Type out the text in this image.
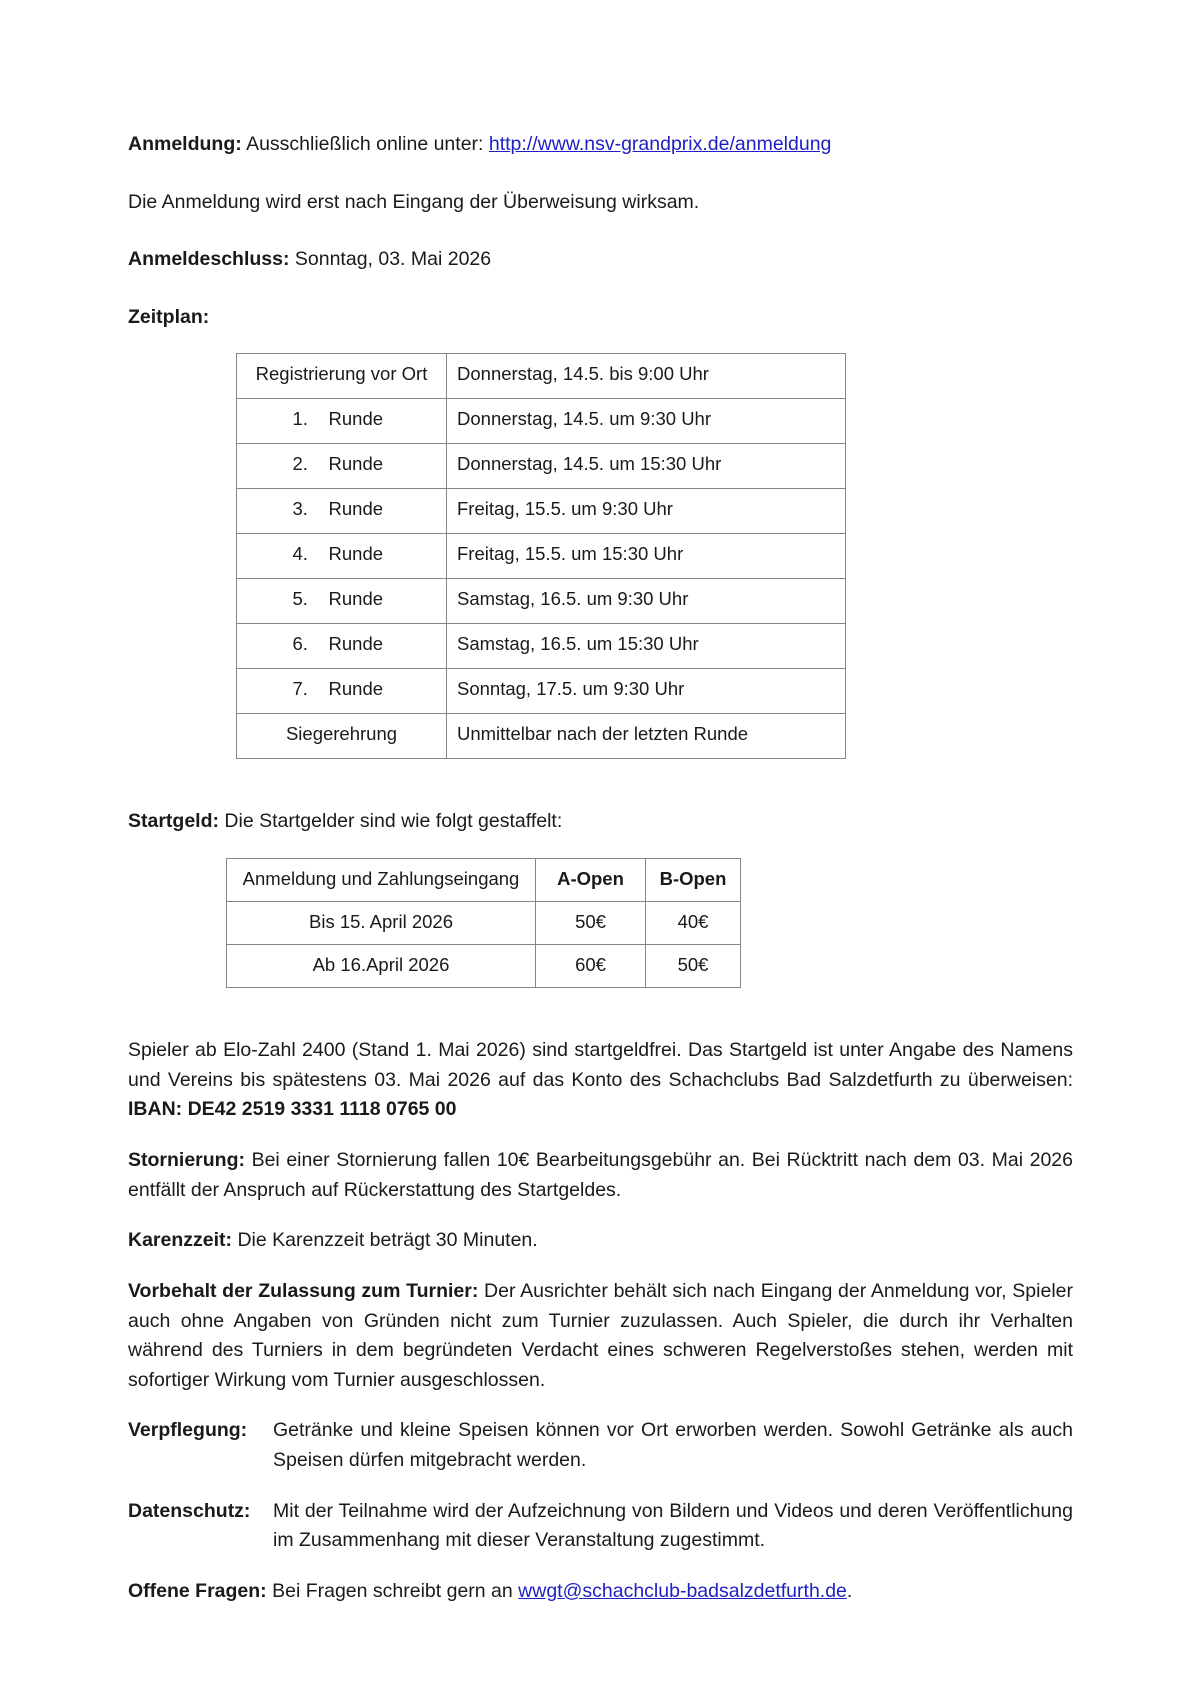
Anmeldung: Ausschließlich online unter: http://www.nsv-grandprix.de/anmeldung

Die Anmeldung wird erst nach Eingang der Überweisung wirksam.

Anmeldeschluss: Sonntag, 03. Mai 2026

Zeitplan:

Registrierung vor Ort	Donnerstag, 14.5. bis 9:00 Uhr

1. Runde	Donnerstag, 14.5. um 9:30 Uhr

2. Runde	Donnerstag, 14.5. um 15:30 Uhr

3. Runde	Freitag, 15.5. um 9:30 Uhr

4. Runde	Freitag, 15.5. um 15:30 Uhr

5. Runde	Samstag, 16.5. um 9:30 Uhr

6. Runde	Samstag, 16.5. um 15:30 Uhr

7. Runde	Sonntag, 17.5. um 9:30 Uhr

Siegerehrung	Unmittelbar nach der letzten Runde

Startgeld: Die Startgelder sind wie folgt gestaffelt:

Anmeldung und Zahlungseingang	A-Open	B-Open

Bis 15. April 2026	50€	40€

Ab 16.April 2026	60€	50€

Spieler ab Elo-Zahl 2400 (Stand 1. Mai 2026) sind startgeldfrei. Das Startgeld ist unter Angabe des Namens und Vereins bis spätestens 03. Mai 2026 auf das Konto des Schachclubs Bad Salzdetfurth zu überweisen: IBAN: DE42 2519 3331 1118 0765 00

Stornierung: Bei einer Stornierung fallen 10€ Bearbeitungsgebühr an. Bei Rücktritt nach dem 03. Mai 2026 entfällt der Anspruch auf Rückerstattung des Startgeldes.

Karenzzeit: Die Karenzzeit beträgt 30 Minuten.

Vorbehalt der Zulassung zum Turnier: Der Ausrichter behält sich nach Eingang der Anmeldung vor, Spieler auch ohne Angaben von Gründen nicht zum Turnier zuzulassen. Auch Spieler, die durch ihr Verhalten während des Turniers in dem begründeten Verdacht eines schweren Regelverstoßes stehen, werden mit sofortiger Wirkung vom Turnier ausgeschlossen.

Verpflegung:	Getränke und kleine Speisen können vor Ort erworben werden. Sowohl Getränke als auch Speisen dürfen mitgebracht werden.
Datenschutz:	Mit der Teilnahme wird der Aufzeichnung von Bildern und Videos und deren Veröffentlichung im Zusammenhang mit dieser Veranstaltung zugestimmt.

Offene Fragen: Bei Fragen schreibt gern an wwgt@schachclub-badsalzdetfurth.de.
